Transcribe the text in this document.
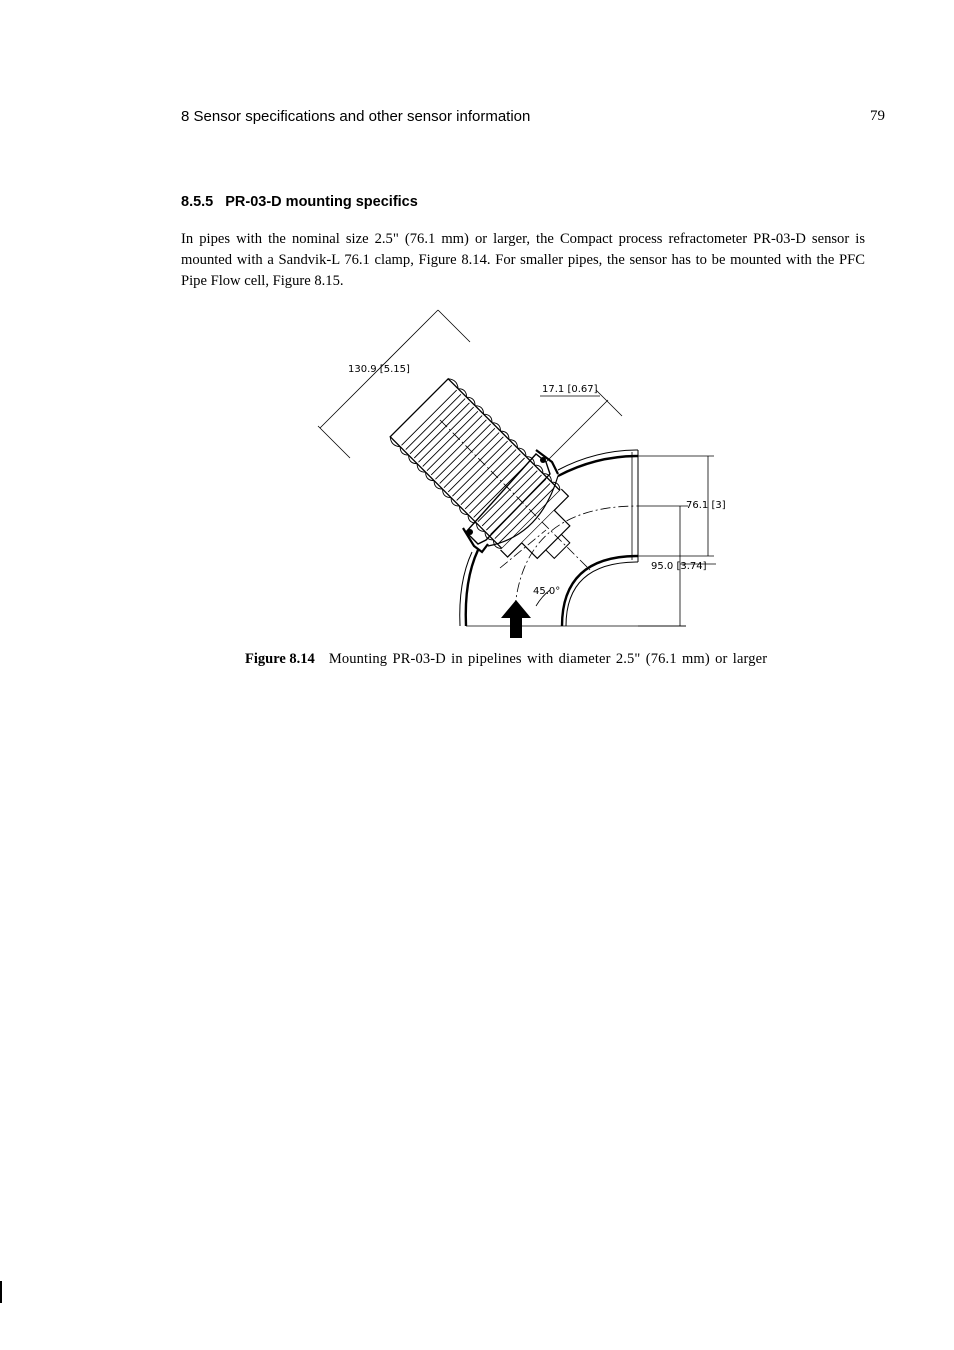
8 Sensor specifications and other sensor information	79
8.5.5 PR-03-D mounting specifics

In pipes with the nominal size 2.5" (76.1 mm) or larger, the Compact process refractometer PR-03-D sensor is mounted with a Sandvik-L 76.1 clamp, Figure 8.14. For smaller pipes, the sensor has to be mounted with the PFC Pipe Flow cell, Figure 8.15.

130.9 [5.15]
17.1 [0.67]
76.1 [3]
95.0 [3.74]
45.0°
Figure 8.14 Mounting PR-03-D in pipelines with diameter 2.5" (76.1 mm) or larger
